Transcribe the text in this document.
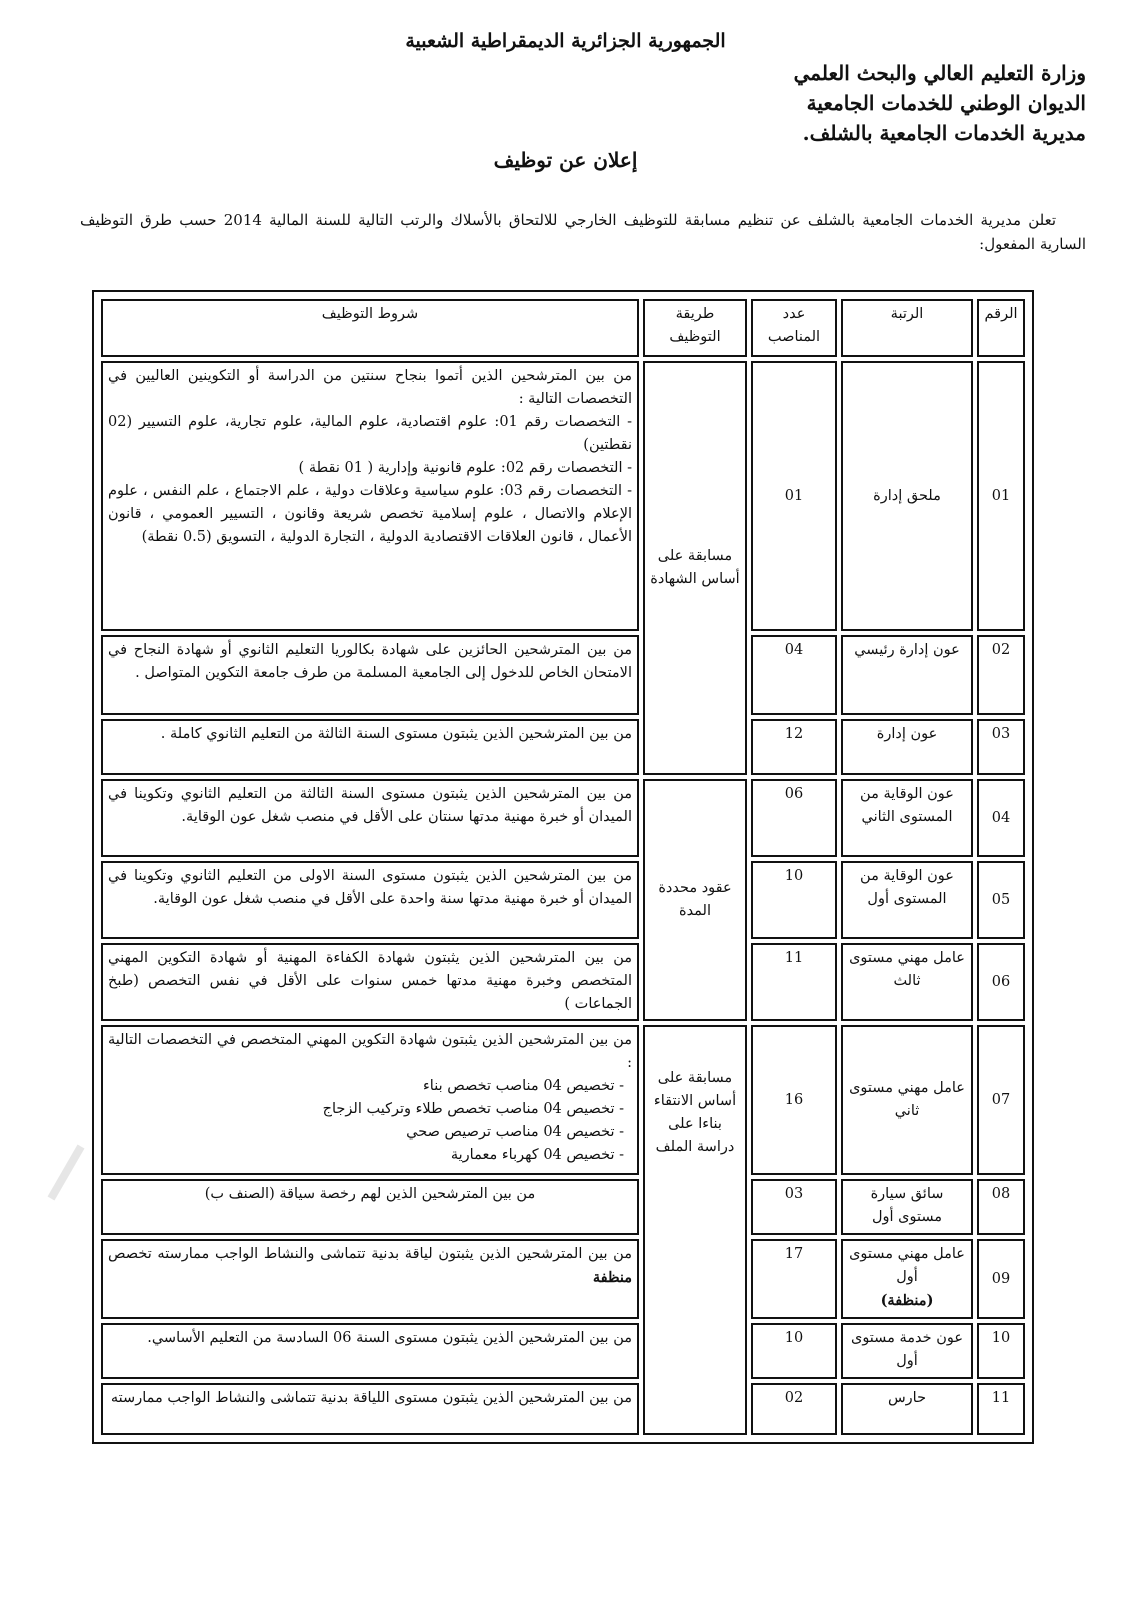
الجمهورية الجزائرية الديمقراطية الشعبية
وزارة التعليم العالي والبحث العلمي
الديوان الوطني للخدمات الجامعية
مديرية الخدمات الجامعية بالشلف.
إعلان عن توظيف

تعلن مديرية الخدمات الجامعية بالشلف عن تنظيم مسابقة للتوظيف الخارجي للالتحاق بالأسلاك والرتب التالية للسنة المالية 2014 حسب طرق التوظيف السارية المفعول:

الرقم	الرتبة	عدد المناصب	طريقة التوظيف	شروط التوظيف
01	ملحق إدارة	01	مسابقة على أساس الشهادة	من بين المترشحين الذين أتموا بنجاح سنتين من الدراسة أو التكوينين العاليين في التخصصات التالية :
- التخصصات رقم 01: علوم اقتصادية، علوم المالية، علوم تجارية، علوم التسيير (02 نقطتين)
- التخصصات رقم 02: علوم قانونية وإدارية ( 01 نقطة )
- التخصصات رقم 03: علوم سياسية وعلاقات دولية ، علم الاجتماع ، علم النفس ، علوم الإعلام والاتصال ، علوم إسلامية تخصص شريعة وقانون ، التسيير العمومي ، قانون الأعمال ، قانون العلاقات الاقتصادية الدولية ، التجارة الدولية ، التسويق (0.5 نقطة)

02	عون إدارة رئيسي	04		من بين المترشحين الحائزين على شهادة بكالوريا التعليم الثانوي أو شهادة النجاح في الامتحان الخاص للدخول إلى الجامعية المسلمة من طرف جامعة التكوين المتواصل .

03	عون إدارة	12		من بين المترشحين الذين يثبتون مستوى السنة الثالثة من التعليم الثانوي كاملة .

04	عون الوقاية من المستوى الثاني	06	عقود محددة المدة	من بين المترشحين الذين يثبتون مستوى السنة الثالثة من التعليم الثانوي وتكوينا في الميدان أو خبرة مهنية مدتها سنتان على الأقل في منصب شغل عون الوقاية.

05	عون الوقاية من المستوى أول	10		من بين المترشحين الذين يثبتون مستوى السنة الاولى من التعليم الثانوي وتكوينا في الميدان أو خبرة مهنية مدتها سنة واحدة على الأقل في منصب شغل عون الوقاية.

06	عامل مهني مستوى ثالث	11		من بين المترشحين الذين يثبتون شهادة الكفاءة المهنية أو شهادة التكوين المهني المتخصص وخبرة مهنية مدتها خمس سنوات على الأقل في نفس التخصص (طبخ الجماعات )

07	عامل مهني مستوى ثاني	16	مسابقة على أساس الانتقاء بناءا على دراسة الملف	من بين المترشحين الذين يثبتون شهادة التكوين المهني المتخصص في التخصصات التالية :
- تخصيص 04 مناصب تخصص بناء
- تخصيص 04 مناصب تخصص طلاء وتركيب الزجاج
- تخصيص 04 مناصب ترصيص صحي
- تخصيص 04 كهرباء معمارية

08	سائق سيارة مستوى أول	03		من بين المترشحين الذين لهم رخصة سياقة (الصنف ب)

09	عامل مهني مستوى أول
(منظفة)	17		من بين المترشحين الذين يثبتون لياقة بدنية تتماشى والنشاط الواجب ممارسته تخصص منظفة
10	عون خدمة مستوى أول	10		من بين المترشحين الذين يثبتون مستوى السنة 06 السادسة من التعليم الأساسي.

11	حارس	02		من بين المترشحين الذين يثبتون مستوى اللياقة بدنية تتماشى والنشاط الواجب ممارسته
